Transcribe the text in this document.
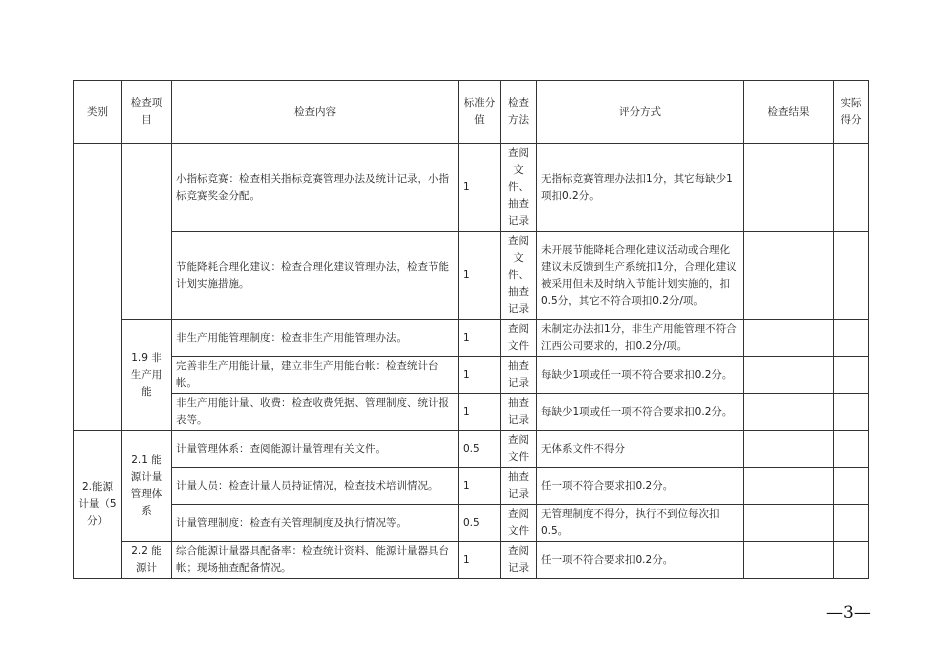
类别	检查项目	检查内容	标准分值	检查方法	评分方式	检查结果	实际得分
		小指标竞赛：检查相关指标竞赛管理办法及统计记录，小指标竞赛奖金分配。	1	查阅文件、抽查记录	无指标竞赛管理办法扣1分，其它每缺少1项扣0.2分。		
		节能降耗合理化建议：检查合理化建议管理办法，检查节能计划实施措施。	1	查阅文件、抽查记录	未开展节能降耗合理化建议活动或合理化建议未反馈到生产系统扣1分，合理化建议被采用但未及时纳入节能计划实施的，扣0.5分，其它不符合项扣0.2分/项。		
	1.9 非生产用能	非生产用能管理制度：检查非生产用能管理办法。	1	查阅文件	未制定办法扣1分，非生产用能管理不符合江西公司要求的，扣0.2分/项。		
		完善非生产用能计量，建立非生产用能台帐：检查统计台帐。	1	抽查记录	每缺少1项或任一项不符合要求扣0.2分。		
		非生产用能计量、收费：检查收费凭据、管理制度、统计报表等。	1	抽查记录	每缺少1项或任一项不符合要求扣0.2分。		
2.能源计量（5分）	2.1 能源计量管理体系	计量管理体系：查阅能源计量管理有关文件。	0.5	查阅文件	无体系文件不得分		
		计量人员：检查计量人员持证情况，检查技术培训情况。	1	抽查记录	任一项不符合要求扣0.2分。		
		计量管理制度：检查有关管理制度及执行情况等。	0.5	查阅文件	无管理制度不得分，执行不到位每次扣0.5。		
	2.2 能源计	综合能源计量器具配备率：检查统计资料、能源计量器具台帐；现场抽查配备情况。	1	查阅记录	任一项不符合要求扣0.2分。		
—3—
